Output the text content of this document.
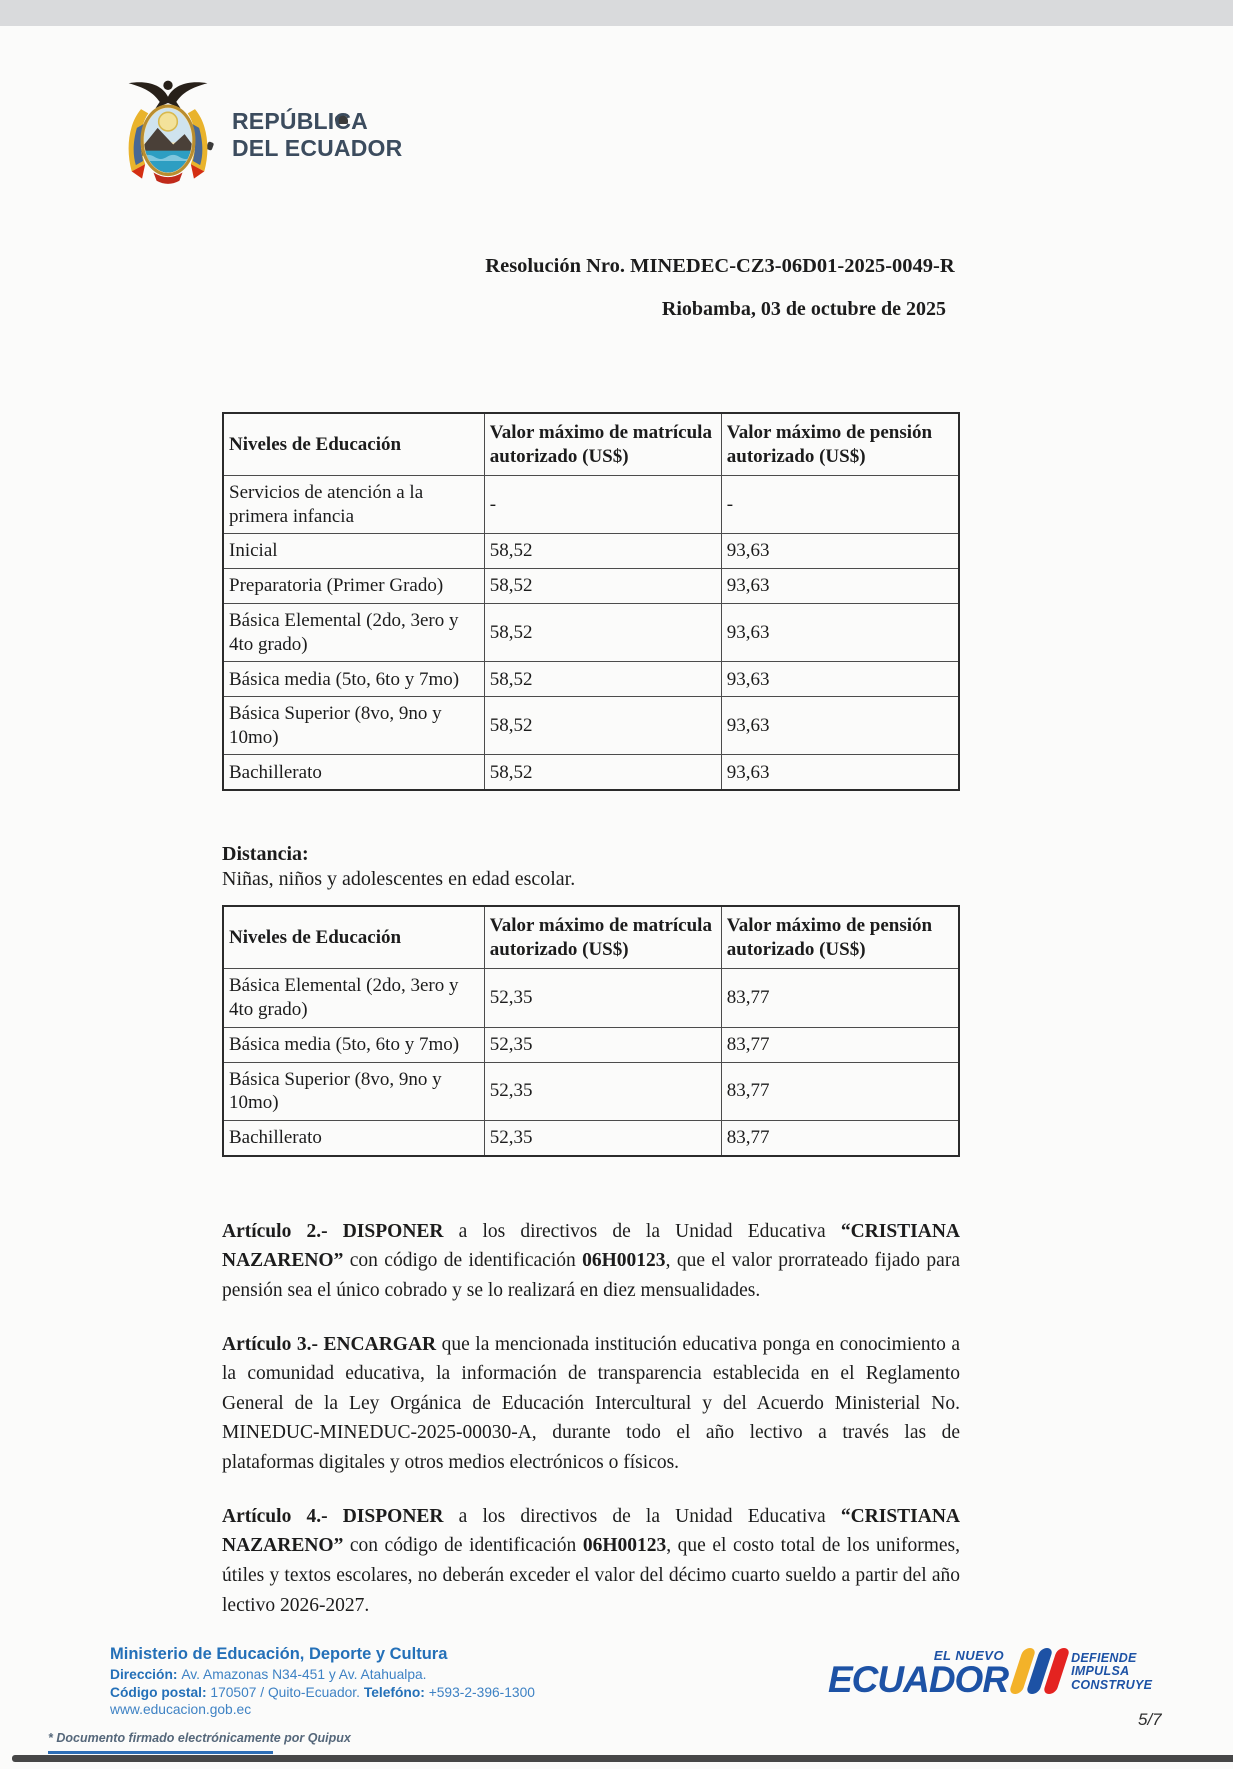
REPÚBLICA
DEL ECUADOR
Resolución Nro. MINEDEC-CZ3-06D01-2025-0049-R
Riobamba, 03 de octubre de 2025
Niveles de Educación	Valor máximo de matrícula autorizado (US$)	Valor máximo de pensión autorizado (US$)
Servicios de atención a la primera infancia	-	-
Inicial	58,52	93,63
Preparatoria (Primer Grado)	58,52	93,63
Básica Elemental (2do, 3ero y 4to grado)	58,52	93,63
Básica media (5to, 6to y 7mo)	58,52	93,63
Básica Superior (8vo, 9no y 10mo)	58,52	93,63
Bachillerato	58,52	93,63
Distancia:
Niñas, niños y adolescentes en edad escolar.
Niveles de Educación	Valor máximo de matrícula autorizado (US$)	Valor máximo de pensión autorizado (US$)
Básica Elemental (2do, 3ero y 4to grado)	52,35	83,77
Básica media (5to, 6to y 7mo)	52,35	83,77
Básica Superior (8vo, 9no y 10mo)	52,35	83,77
Bachillerato	52,35	83,77

Artículo 2.- DISPONER a los directivos de la Unidad Educativa “CRISTIANA NAZARENO” con código de identificación 06H00123, que el valor prorrateado fijado para pensión sea el único cobrado y se lo realizará en diez mensualidades.

Artículo 3.- ENCARGAR que la mencionada institución educativa ponga en conocimiento a la comunidad educativa, la información de transparencia establecida en el Reglamento General de la Ley Orgánica de Educación Intercultural y del Acuerdo Ministerial No. MINEDUC-MINEDUC-2025-00030-A, durante todo el año lectivo a través las de plataformas digitales y otros medios electrónicos o físicos.

Artículo 4.- DISPONER a los directivos de la Unidad Educativa “CRISTIANA NAZARENO” con código de identificación 06H00123, que el costo total de los uniformes, útiles y textos escolares, no deberán exceder el valor del décimo cuarto sueldo a partir del año lectivo 2026-2027.

Ministerio de Educación, Deporte y Cultura
Dirección: Av. Amazonas N34-451 y Av. Atahualpa.
Código postal: 170507 / Quito-Ecuador. Telefóno: +593-2-396-1300
www.educacion.gob.ec
* Documento firmado electrónicamente por Quipux
EL NUEVO
ECUADOR
DEFIENDE
IMPULSA
CONSTRUYE
5/7
